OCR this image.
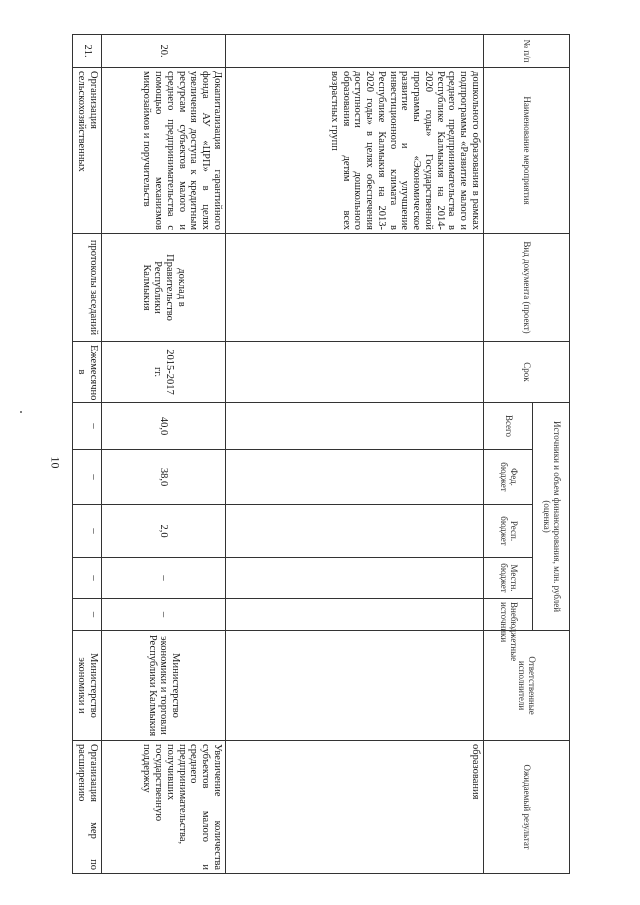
10
№ п/п	Наименование мероприятия	Вид документа (проект)	Срок	Источники и объем финансирования, млн. рублей (оценка)					Ответственные исполнители	Ожидаемый результат
				Всего	Фед. бюджет	Респ. бюджет	Местн. бюджет	Внебюджетные источники		
	дошкольного образования в рамках подпрограммы «Развитие малого и среднего предпринимательства в Республике Калмыкия на 2014-2020 годы» Государственной программы «Экономическое развитие и улучшение инвестиционного климата в Республике Калмыкия на 2013-2020 годы» в целях обеспечения доступности дошкольного образования детям всех возрастных групп									образования
20.	Докапитализация гарантийного фонда АУ «ЦРП» в целях увеличения доступа к кредитным ресурсам субъектов малого и среднего предпринимательства с помощью механизмов микрозаймов и поручительств	доклад в Правительство Республики Калмыкия	2015-2017 гг.	40,0	38,0	2,0	–	–	Министерство экономики и торговли Республики Калмыкия	Увеличение количества субъектов малого и среднего предпринимательства, получивших государственную поддержку
21.	Организация сельскохозяйственных	протоколы заседаний	Ежемесячно в	–	–	–	–	–	Министерство экономики и	Организация мер по расширению
